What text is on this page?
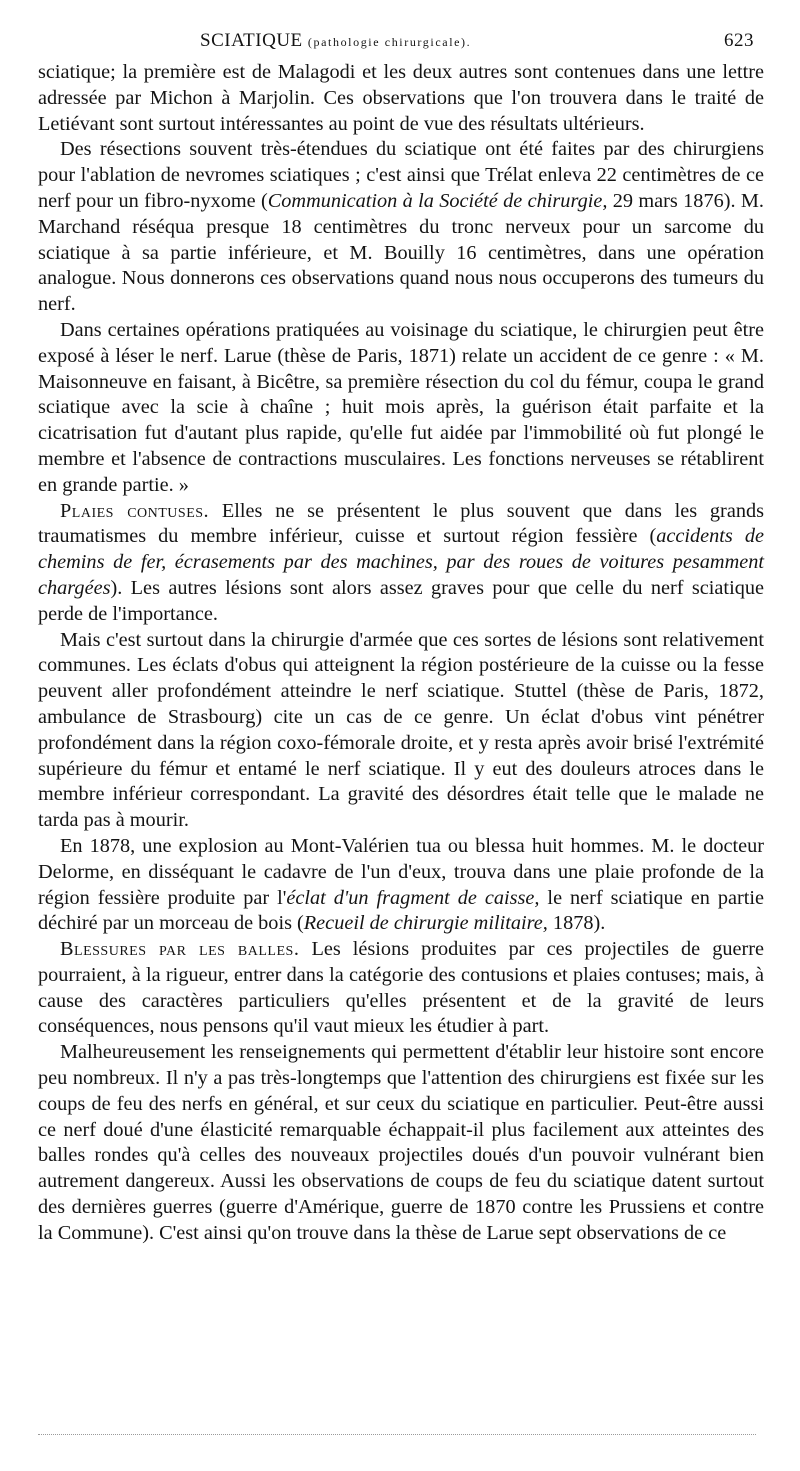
SCIATIQUE (pathologie chirurgicale).	623

sciatique; la première est de Malagodi et les deux autres sont contenues dans une lettre adressée par Michon à Marjolin. Ces observations que l'on trouvera dans le traité de Letiévant sont surtout intéressantes au point de vue des résultats ultérieurs.

Des résections souvent très-étendues du sciatique ont été faites par des chirurgiens pour l'ablation de nevromes sciatiques ; c'est ainsi que Trélat enleva 22 centimètres de ce nerf pour un fibro-nyxome (Communication à la Société de chirurgie, 29 mars 1876). M. Marchand réséqua presque 18 centimètres du tronc nerveux pour un sarcome du sciatique à sa partie inférieure, et M. Bouilly 16 centimètres, dans une opération analogue. Nous donnerons ces observations quand nous nous occuperons des tumeurs du nerf.

Dans certaines opérations pratiquées au voisinage du sciatique, le chirurgien peut être exposé à léser le nerf. Larue (thèse de Paris, 1871) relate un accident de ce genre : « M. Maisonneuve en faisant, à Bicêtre, sa première résection du col du fémur, coupa le grand sciatique avec la scie à chaîne ; huit mois après, la guérison était parfaite et la cicatrisation fut d'autant plus rapide, qu'elle fut aidée par l'immobilité où fut plongé le membre et l'absence de contractions musculaires. Les fonctions nerveuses se rétablirent en grande partie. »

Plaies contuses. Elles ne se présentent le plus souvent que dans les grands traumatismes du membre inférieur, cuisse et surtout région fessière (accidents de chemins de fer, écrasements par des machines, par des roues de voitures pesamment chargées). Les autres lésions sont alors assez graves pour que celle du nerf sciatique perde de l'importance.

Mais c'est surtout dans la chirurgie d'armée que ces sortes de lésions sont relativement communes. Les éclats d'obus qui atteignent la région postérieure de la cuisse ou la fesse peuvent aller profondément atteindre le nerf sciatique. Stuttel (thèse de Paris, 1872, ambulance de Strasbourg) cite un cas de ce genre. Un éclat d'obus vint pénétrer profondément dans la région coxo-fémorale droite, et y resta après avoir brisé l'extrémité supérieure du fémur et entamé le nerf sciatique. Il y eut des douleurs atroces dans le membre inférieur correspondant. La gravité des désordres était telle que le malade ne tarda pas à mourir.

En 1878, une explosion au Mont-Valérien tua ou blessa huit hommes. M. le docteur Delorme, en disséquant le cadavre de l'un d'eux, trouva dans une plaie profonde de la région fessière produite par l'éclat d'un fragment de caisse, le nerf sciatique en partie déchiré par un morceau de bois (Recueil de chirurgie militaire, 1878).

Blessures par les balles. Les lésions produites par ces projectiles de guerre pourraient, à la rigueur, entrer dans la catégorie des contusions et plaies contuses; mais, à cause des caractères particuliers qu'elles présentent et de la gravité de leurs conséquences, nous pensons qu'il vaut mieux les étudier à part.

Malheureusement les renseignements qui permettent d'établir leur histoire sont encore peu nombreux. Il n'y a pas très-longtemps que l'attention des chirurgiens est fixée sur les coups de feu des nerfs en général, et sur ceux du sciatique en particulier. Peut-être aussi ce nerf doué d'une élasticité remarquable échappait-il plus facilement aux atteintes des balles rondes qu'à celles des nouveaux projectiles doués d'un pouvoir vulnérant bien autrement dangereux. Aussi les observations de coups de feu du sciatique datent surtout des dernières guerres (guerre d'Amérique, guerre de 1870 contre les Prussiens et contre la Commune). C'est ainsi qu'on trouve dans la thèse de Larue sept observations de ce
